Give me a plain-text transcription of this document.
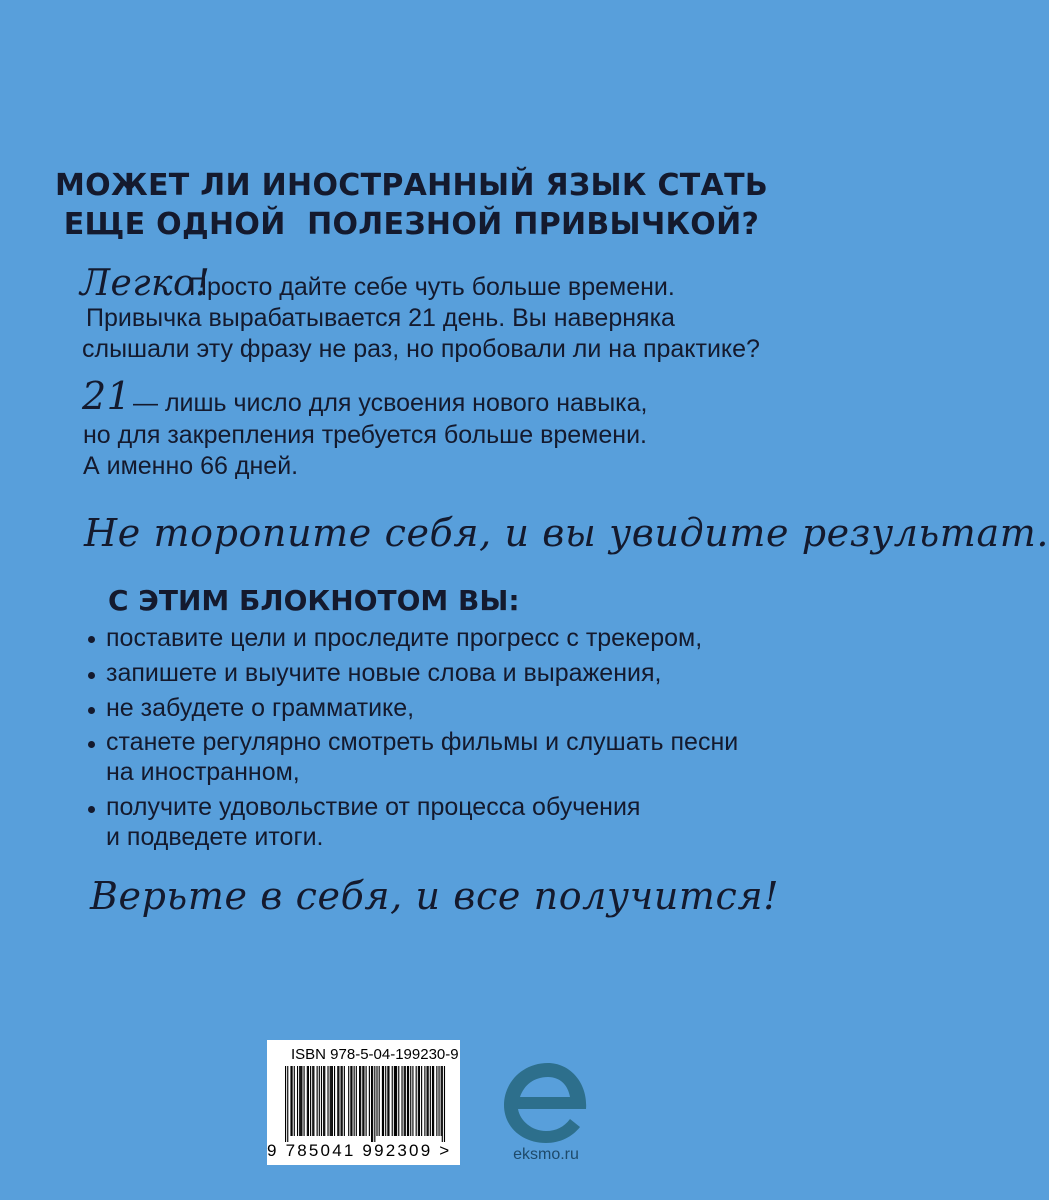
МОЖЕТ ЛИ ИНОСТРАННЫЙ ЯЗЫК СТАТЬ

ЕЩЕ ОДНОЙ  ПОЛЕЗНОЙ ПРИВЫЧКОЙ?

Легко!
Просто дайте себе чуть больше времени.
Привычка вырабатывается 21 день. Вы наверняка
слышали эту фразу не раз, но пробовали ли на практике?
21 — лишь число для усвоения нового навыка,
но для закрепления требуется больше времени.
А именно 66 дней.
Не торопите себя, и вы увидите результат.
С ЭТИМ БЛОКНОТОМ ВЫ:
поставите цели и проследите прогресс с трекером,
запишете и выучите новые слова и выражения,
не забудете о грамматике,
станете регулярно смотреть фильмы и слушать песни
на иностранном,
получите удовольствие от процесса обучения
и подведете итоги.
Верьте в себя, и все получится!
ISBN 978-5-04-199230-9
9 785041 992309 >	eksmo.ru
